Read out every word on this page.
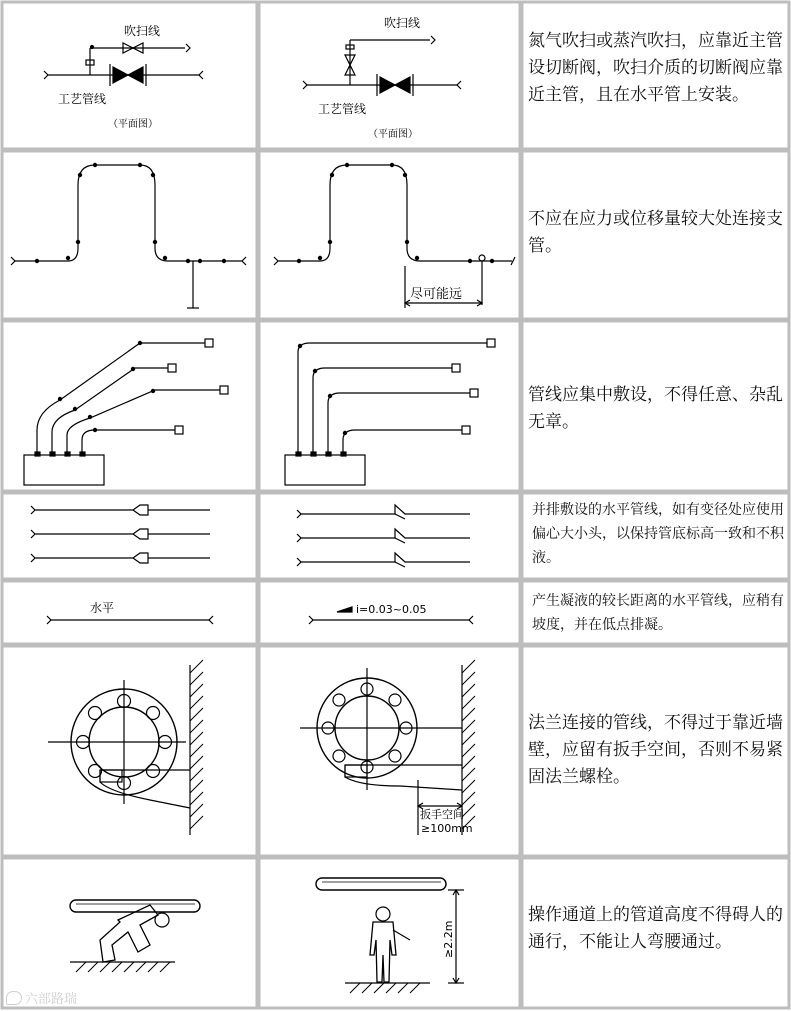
吹扫线
工艺管线
（平面图）
吹扫线
工艺管线
（平面图）
尽可能远
水平	i=0.03~0.05
扳手空间
≥100mm
≥2.2m
氮气吹扫或蒸汽吹扫，应靠近主管设切断阀，吹扫介质的切断阀应靠近主管，且在水平管上安装。
不应在应力或位移量较大处连接支管。
管线应集中敷设，不得任意、杂乱无章。
并排敷设的水平管线，如有变径处应使用偏心大小头，以保持管底标高一致和不积液。
产生凝液的较长距离的水平管线，应稍有坡度，并在低点排凝。
法兰连接的管线，不得过于靠近墙壁，应留有扳手空间，否则不易紧固法兰螺栓。
操作通道上的管道高度不得碍人的通行，不能让人弯腰通过。
六部路瑞
